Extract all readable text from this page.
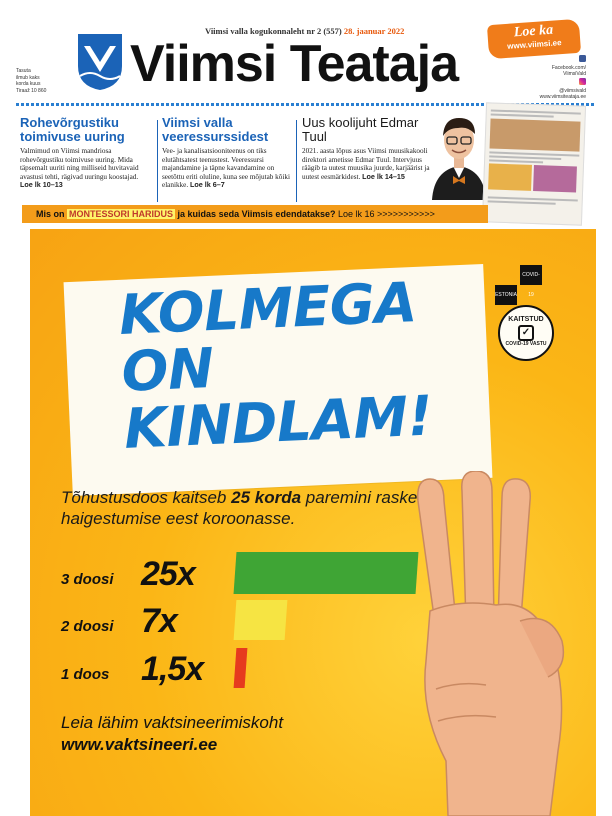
Viimsi valla kogukonnaleht nr 2 (557) 28. jaanuar 2022
Viimsi Teataja
Loe ka
www.viimsi.ee
Tasuta
ilmub kaks
korda kuus
Tiraaž 10 860
Facebook.com/
ViimsiVald
@viimsivald
www.viimsiteataja.ee
Rohevõrgustiku toimivuse uuring

Valmimud on Viimsi mandriosa rohevõrgustiku toimivuse uuring. Mida täpsemalt uuriti ning milliseid huvitavaid avastusi tehti, rägivad uuringu koostajad. Loe lk 10–13

Viimsi valla veeressurssidest

Vee- ja kanalisatsiooniteenus on tiks elutähtsatest teenustest. Veeressursi majandamine ja täpne kavandamine on seetõttu eriti oluline, kuna see mõjutab kõiki elanikke. Loe lk 6–7

Uus koolijuht Edmar Tuul

2021. aasta lõpus asus Viimsi muusikakooli direktori ametisse Edmar Tuul. Intervjuus räägib ta uutest muusika juurde, karjäärist ja uutest eesmärkidest. Loe lk 14–15

Mis on MONTESSORI HARIDUS ja kuidas seda Viimsis edendatakse? Loe lk 16 >>>>>>>>>>>
KOLMEGA
ON KINDLAM!
ESTONIACOVID-19
KAITSTUD
✓
COVID-19 VASTU
Tõhustusdoos kaitseb 25 korda paremini raske haigestumise eest koroonasse.
3 doosi 25x
2 doosi 7x
1 doos 1,5x
Leia lähim vaktsineerimiskoht
www.vaktsineeri.ee
